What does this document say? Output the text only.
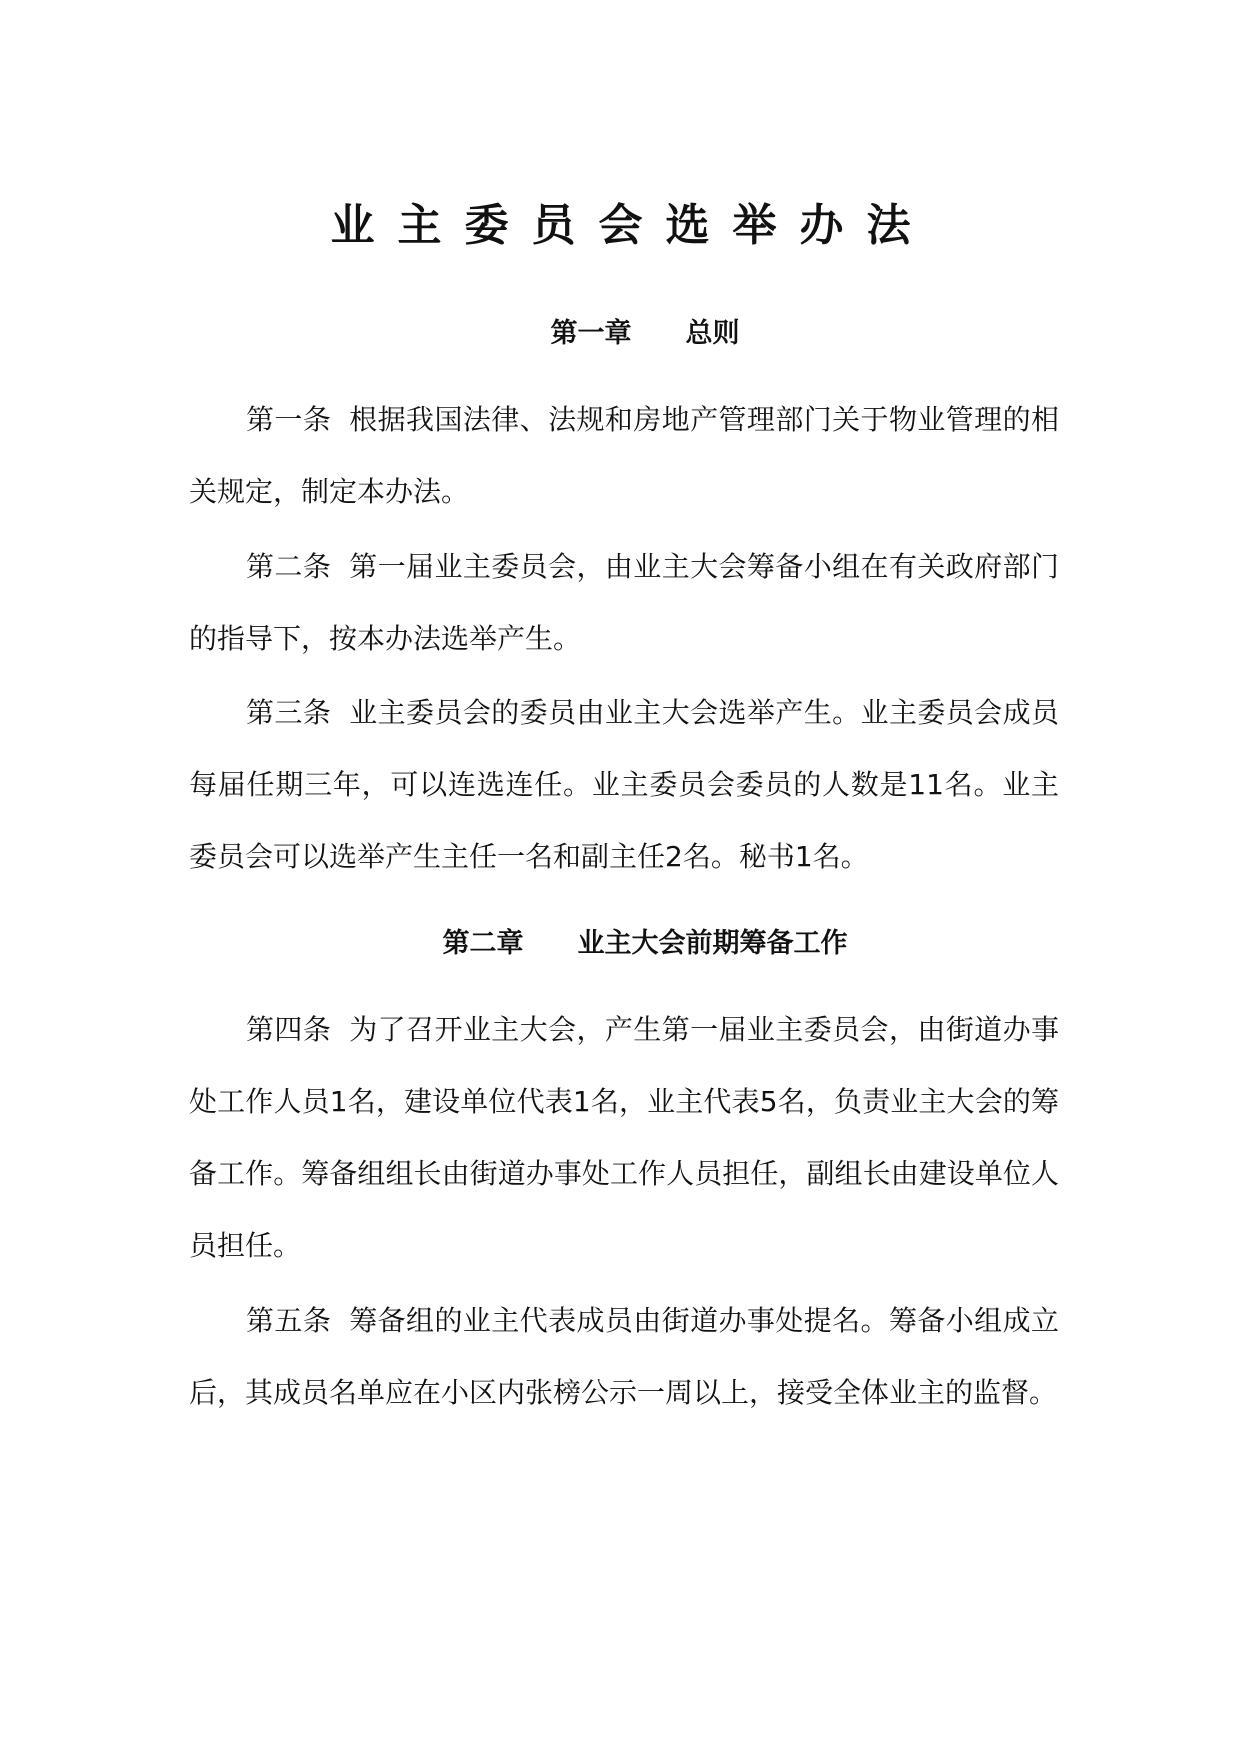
业主委员会选举办法
第一章　　总则

第一条 根据我国法律、法规和房地产管理部门关于物业管理的相关规定，制定本办法。

第二条 第一届业主委员会，由业主大会筹备小组在有关政府部门的指导下，按本办法选举产生。

第三条 业主委员会的委员由业主大会选举产生。业主委员会成员每届任期三年，可以连选连任。业主委员会委员的人数是11名。业主委员会可以选举产生主任一名和副主任2名。秘书1名。

第二章　　业主大会前期筹备工作

第四条 为了召开业主大会，产生第一届业主委员会，由街道办事处工作人员1名，建设单位代表1名，业主代表5名，负责业主大会的筹备工作。筹备组组长由街道办事处工作人员担任，副组长由建设单位人员担任。

第五条 筹备组的业主代表成员由街道办事处提名。筹备小组成立后，其成员名单应在小区内张榜公示一周以上，接受全体业主的监督。
